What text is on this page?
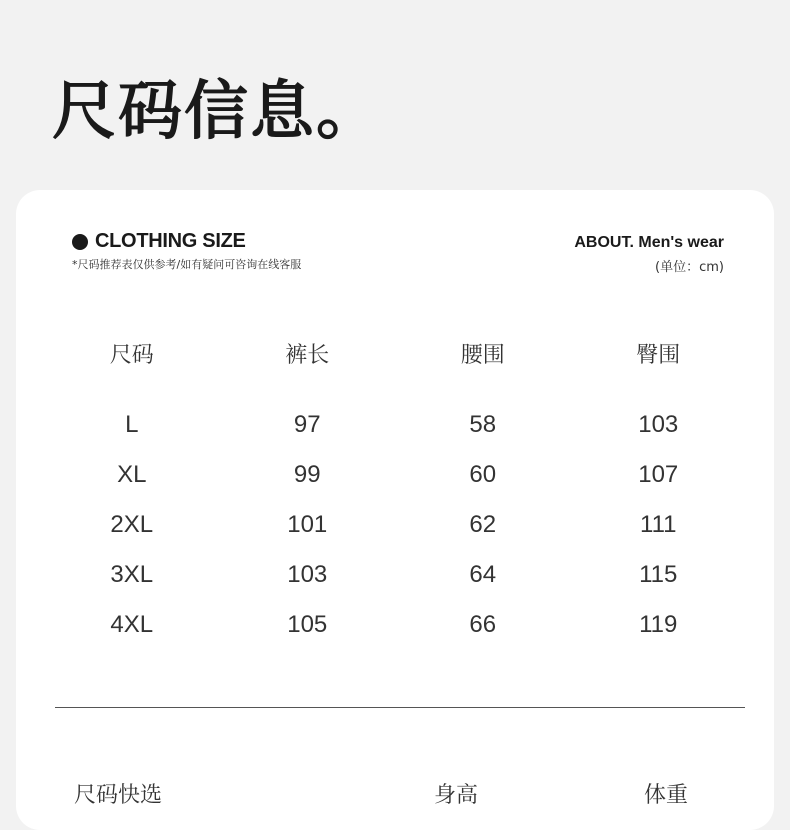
尺码信息。
CLOTHING SIZE
*尺码推荐表仅供参考/如有疑问可咨询在线客服
ABOUT. Men's wear
(单位：cm)
尺码	裤长	腰围	臀围
L	97	58	103
XL	99	60	107
2XL	101	62	111
3XL	103	64	115
4XL	105	66	119
尺码快选	身高	体重
